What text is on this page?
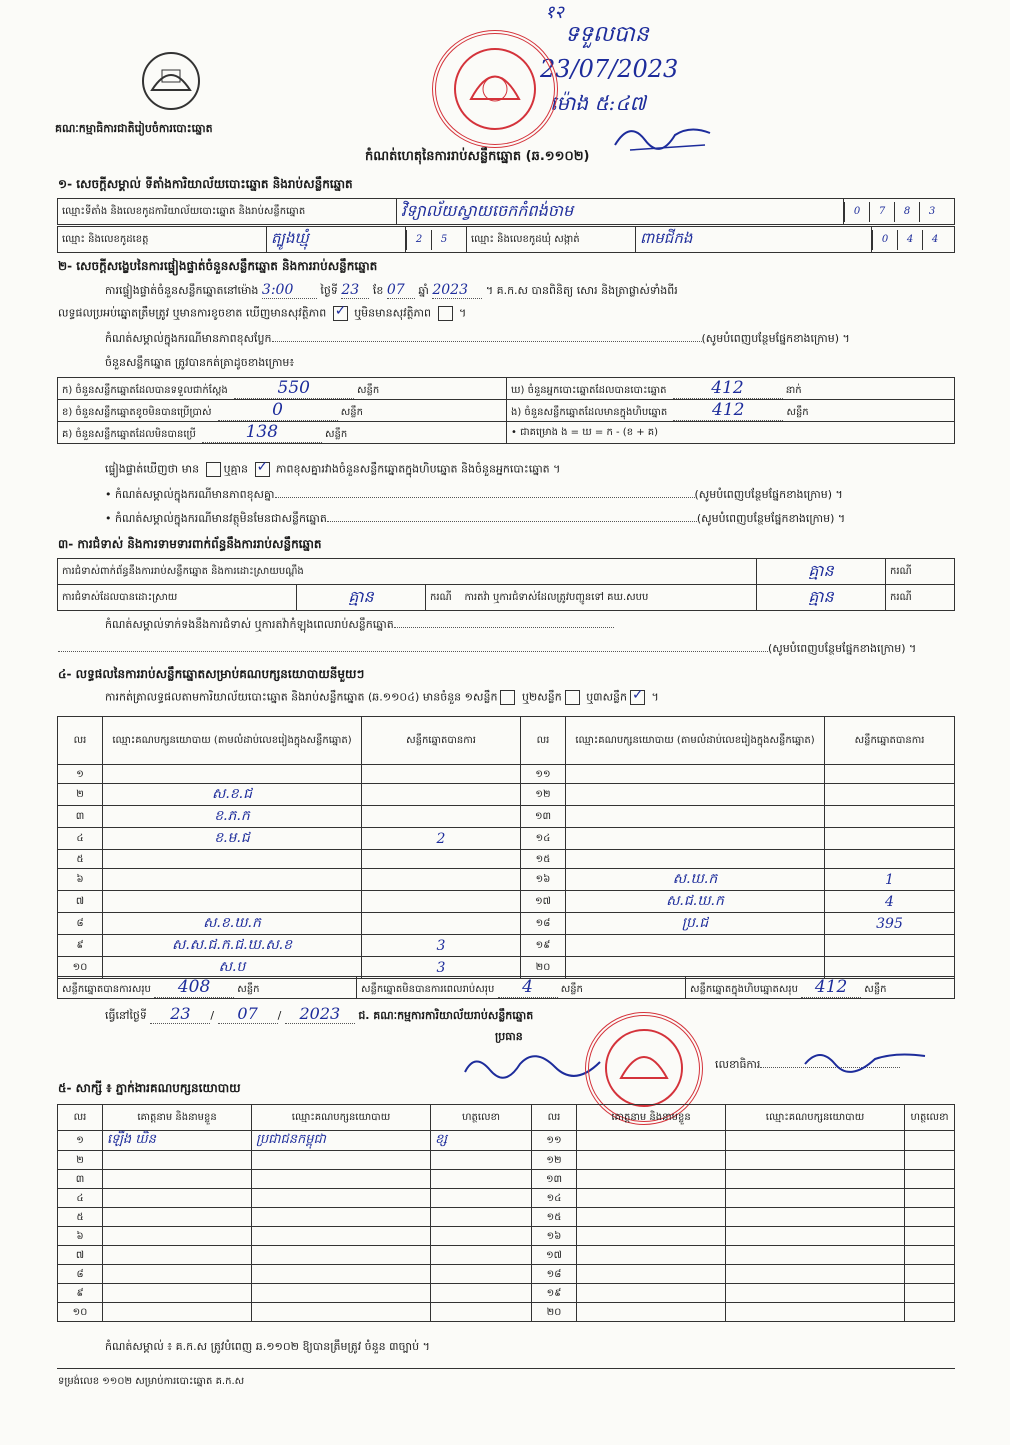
គណៈកម្មាធិការជាតិរៀបចំការបោះឆ្នោត
१२
ទទួលបាន
23/07/2023
ម៉ោង ៥:៤៧
កំណត់ហេតុនៃការរាប់សន្លឹកឆ្នោត (ឆ.១១០២)
១- សេចក្តីសម្គាល់ ទីតាំងការិយាល័យបោះឆ្នោត និងរាប់សន្លឹកឆ្នោត
ឈ្មោះទីតាំង និងលេខកូដការិយាល័យបោះឆ្នោត និងរាប់សន្លឹកឆ្នោត	វិទ្យាល័យស្វាយចេកកំពង់ចាម	0 7 8 3
ឈ្មោះ និងលេខកូដខេត្ត	ត្បូងឃ្មុំ	2 5	ឈ្មោះ និងលេខកូដឃុំ សង្កាត់	ពាមជីកង	0 4 4
២- សេចក្តីសង្ខេបនៃការផ្ទៀងផ្ទាត់ចំនួនសន្លឹកឆ្នោត និងការរាប់សន្លឹកឆ្នោត
ការផ្ទៀងផ្ទាត់ចំនួនសន្លឹកឆ្នោតនៅម៉ោង 3:00 ថ្ងៃទី 23 ខែ 07 ឆ្នាំ 2023 ។ គ.ក.ស បានពិនិត្យ សោរ និងត្រាផ្លាស់ទាំងពីរ
លទ្ធផលប្រអប់ឆ្នោតត្រឹមត្រូវ ឬមានការខូចខាត ឃើញមានសុវត្ថិភាព ✓	ឬមិនមានសុវត្ថិភាព  ។
កំណត់សម្គាល់ក្នុងករណីមានភាពខុសប្លែក	(សូមបំពេញបន្ថែមផ្នែកខាងក្រោម) ។
ចំនួនសន្លឹកឆ្នោត ត្រូវបានកត់ត្រាដូចខាងក្រោម៖
ក) ចំនួនសន្លឹកឆ្នោតដែលបានទទួលជាក់ស្តែង 550 សន្លឹក	ឃ) ចំនួនអ្នកបោះឆ្នោតដែលបានបោះឆ្នោត 412 នាក់
ខ) ចំនួនសន្លឹកឆ្នោតខូចមិនបានប្រើប្រាស់ 0 សន្លឹក	ង) ចំនួនសន្លឹកឆ្នោតដែលមានក្នុងហិបឆ្នោត 412 សន្លឹក
គ) ចំនួនសន្លឹកឆ្នោតដែលមិនបានប្រើ 138 សន្លឹក	• ជាគម្រោង ង = ឃ = ក - (ខ + គ)
ផ្ទៀងផ្ទាត់ឃើញថា មាន ឬគ្មាន ✓ ភាពខុសគ្នារវាងចំនួនសន្លឹកឆ្នោតក្នុងហិបឆ្នោត និងចំនួនអ្នកបោះឆ្នោត ។
• កំណត់សម្គាល់ក្នុងករណីមានភាពខុសគ្នា	(សូមបំពេញបន្ថែមផ្នែកខាងក្រោម) ។
• កំណត់សម្គាល់ក្នុងករណីមានវត្ថុមិនមែនជាសន្លឹកឆ្នោត	(សូមបំពេញបន្ថែមផ្នែកខាងក្រោម) ។
៣- ការជំទាស់ និងការទាមទារពាក់ព័ន្ធនឹងការរាប់សន្លឹកឆ្នោត
ការជំទាស់ពាក់ព័ន្ធនឹងការរាប់សន្លឹកឆ្នោត និងការដោះស្រាយបណ្តឹង			គ្មាន	ករណី
ការជំទាស់ដែលបានដោះស្រាយ	គ្មាន	ករណី ការតវ៉ា ឬការជំទាស់ដែលត្រូវបញ្ជូនទៅ គឃ.សបប	គ្មាន	ករណី
កំណត់សម្គាល់ទាក់ទងនឹងការជំទាស់ ឬការតវ៉ាកំឡុងពេលរាប់សន្លឹកឆ្នោត
(សូមបំពេញបន្ថែមផ្នែកខាងក្រោម) ។
៤- លទ្ធផលនៃការរាប់សន្លឹកឆ្នោតសម្រាប់គណបក្សនយោបាយនីមួយៗ
ការកត់ត្រាលទ្ធផលតាមការិយាល័យបោះឆ្នោត និងរាប់សន្លឹកឆ្នោត (ឆ.១១០៤) មានចំនួន ១សន្លឹក ឬ២សន្លឹក ឬ៣សន្លឹក✓ ។
លរ	ឈ្មោះគណបក្សនយោបាយ (តាមលំដាប់លេខរៀងក្នុងសន្លឹកឆ្នោត)	សន្លឹកឆ្នោតបានការ	លរ	ឈ្មោះគណបក្សនយោបាយ (តាមលំដាប់លេខរៀងក្នុងសន្លឹកឆ្នោត)	សន្លឹកឆ្នោតបានការ
១			១១		
២	ស.ខ.ជ		១២		
៣	ខ.ភ.ក		១៣		
៤	ខ.ម.ជ	2	១៤		
៥			១៥		
៦			១៦	ស.ឃ.ក	1
៧			១៧	ស.ជ.ឃ.ក	4
៨	ស.ខ.ឃ.ក		១៨	ប្រ.ជ	395
៩	ស.ស.ជ.ក.ជ.ឃ.ស.ខ	3	១៩		
១០	ស.ប	3	២០		
សន្លឹកឆ្នោតបានការសរុប 408	សន្លឹក	សន្លឹកឆ្នោតមិនបានការពេលរាប់សរុប 4	សន្លឹក	សន្លឹកឆ្នោតក្នុងហិបឆ្នោតសរុប 412 សន្លឹក
ធ្វើនៅថ្ងៃទី 23 / 07 / 2023 ជ. គណៈកម្មការការិយាល័យរាប់សន្លឹកឆ្នោត
ប្រធាន
លេខាធិការ
៥- សាក្សី ៖ ភ្នាក់ងារគណបក្សនយោបាយ
លរ	គោត្តនាម និងនាមខ្លួន	ឈ្មោះគណបក្សនយោបាយ	ហត្ថលេខា	លរ	គោត្តនាម និងនាមខ្លួន	ឈ្មោះគណបក្សនយោបាយ	ហត្ថលេខា
១	ឡើង ឃិន	ប្រជាជនកម្ពុជា	ខ្ស	១១			
២				១២			
៣				១៣			
៤				១៤			
៥				១៥			
៦				១៦			
៧				១៧			
៨				១៨			
៩				១៩			
១០				២០			
កំណត់សម្គាល់ ៖ គ.ក.ស ត្រូវបំពេញ ឆ.១១០២ ឱ្យបានត្រឹមត្រូវ ចំនួន ៣ច្បាប់ ។
ទម្រង់លេខ ១១០២ សម្រាប់ការបោះឆ្នោត គ.ក.ស
